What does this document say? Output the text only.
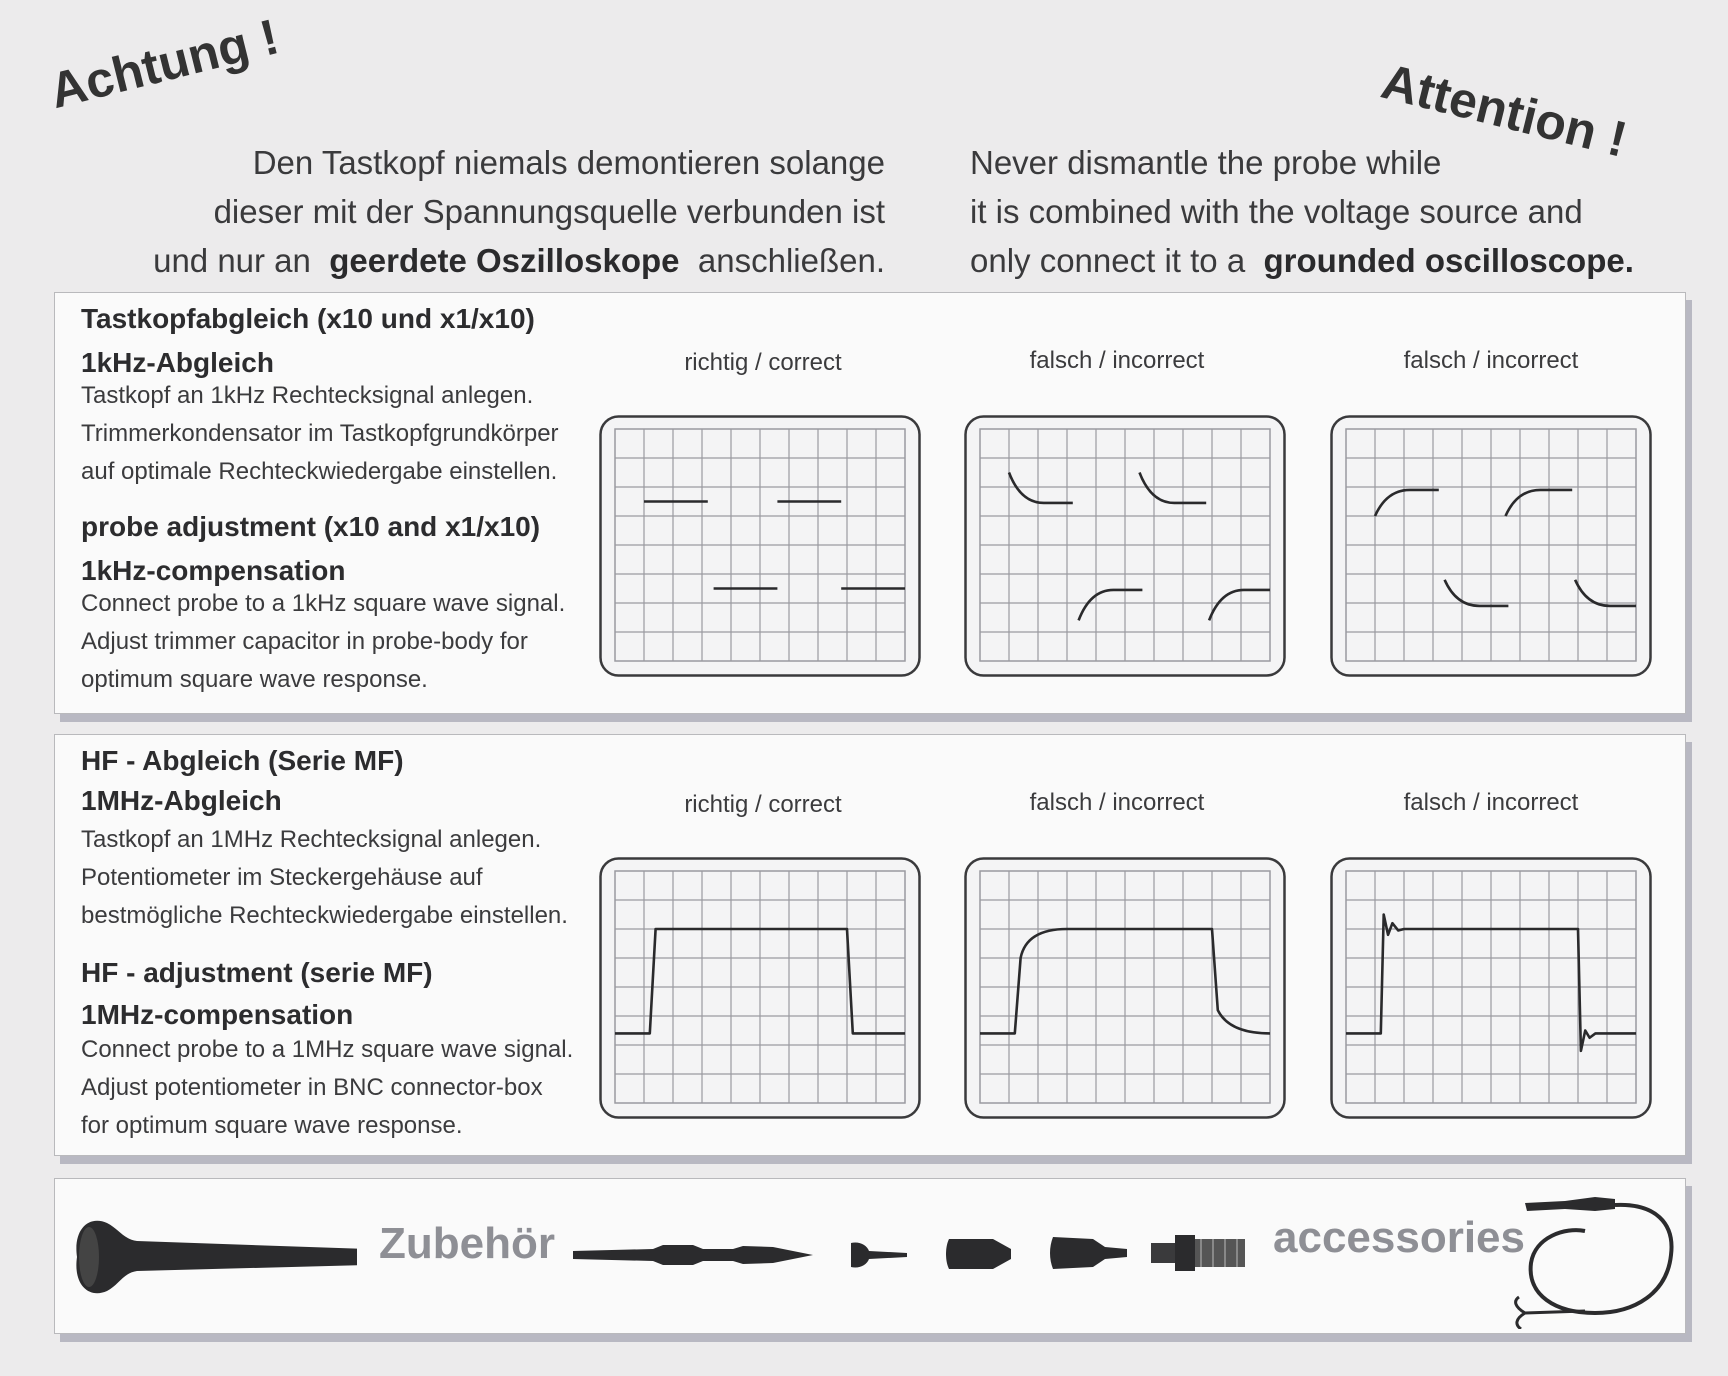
Achtung !	Attention !
Den Tastkopf niemals demontieren solange
dieser mit der Spannungsquelle verbunden ist
und nur an geerdete Oszilloskope anschließen.
Never dismantle the probe while
it is combined with the voltage source and
only connect it to a grounded oscilloscope.
Tastkopfabgleich (x10 und x1/x10)
1kHz-Abgleich
Tastkopf an 1kHz Rechtecksignal anlegen.
Trimmerkondensator im Tastkopfgrundkörper
auf optimale Rechteckwiedergabe einstellen.
probe adjustment (x10 and x1/x10)
1kHz-compensation
Connect probe to a 1kHz square wave signal.
Adjust trimmer capacitor in probe-body for
optimum square wave response.
richtig / correct	falsch / incorrect	falsch / incorrect
HF - Abgleich (Serie MF)
1MHz-Abgleich
Tastkopf an 1MHz Rechtecksignal anlegen.
Potentiometer im Steckergehäuse auf
bestmögliche Rechteckwiedergabe einstellen.
HF - adjustment (serie MF)
1MHz-compensation
Connect probe to a 1MHz square wave signal.
Adjust potentiometer in BNC connector-box
for optimum square wave response.
richtig / correct	falsch / incorrect	falsch / incorrect
Zubehör	accessories
